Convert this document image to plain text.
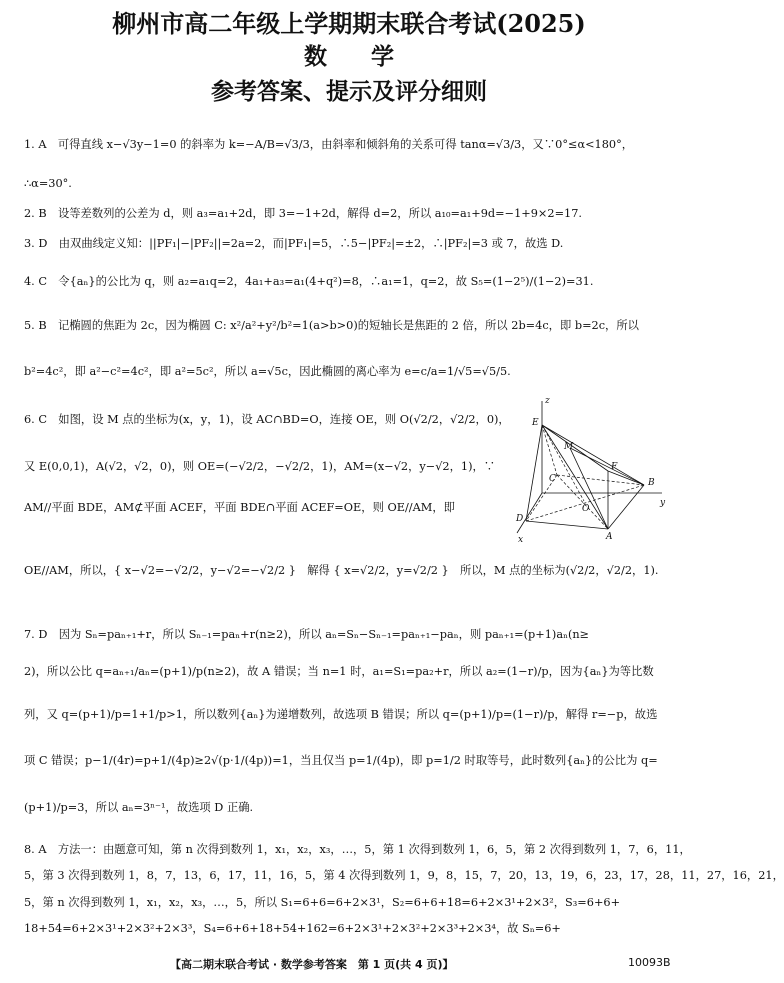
柳州市高二年级上学期期末联合考试(2025)
数 学
参考答案、提示及评分细则
1. A　可得直线 x−√3y−1=0 的斜率为 k=−A/B=√3/3，由斜率和倾斜角的关系可得 tanα=√3/3，又∵0°≤α<180°，
∴α=30°.
2. B　设等差数列的公差为 d，则 a₃=a₁+2d，即 3=−1+2d，解得 d=2，所以 a₁₀=a₁+9d=−1+9×2=17.
3. D　由双曲线定义知：||PF₁|−|PF₂||=2a=2，而|PF₁|=5，∴5−|PF₂|=±2，∴|PF₂|=3 或 7，故选 D.
4. C　令{aₙ}的公比为 q，则 a₂=a₁q=2，4a₁+a₃=a₁(4+q²)=8，∴a₁=1，q=2，故 S₅=(1−2⁵)/(1−2)=31.
5. B　记椭圆的焦距为 2c，因为椭圆 C: x²/a²+y²/b²=1(a>b>0)的短轴长是焦距的 2 倍，所以 2b=4c，即 b=2c，所以
b²=4c²，即 a²−c²=4c²，即 a²=5c²，所以 a=√5c，因此椭圆的离心率为 e=c/a=1/√5=√5/5.
6. C　如图，设 M 点的坐标为(x，y，1)，设 AC∩BD=O，连接 OE，则 O(√2/2，√2/2，0)，
又 E(0,0,1)，A(√2，√2，0)，则 OE=(−√2/2，−√2/2，1)，AM=(x−√2，y−√2，1)，∵
AM//平面 BDE，AM⊄平面 ACEF，平面 BDE∩平面 ACEF=OE，则 OE//AM，即
OE//AM，所以，{ x−√2=−√2/2，y−√2=−√2/2 }　解得 { x=√2/2，y=√2/2 }　所以，M 点的坐标为(√2/2，√2/2，1).
7. D　因为 Sₙ=paₙ₊₁+r，所以 Sₙ₋₁=paₙ+r(n≥2)，所以 aₙ=Sₙ−Sₙ₋₁=paₙ₊₁−paₙ，则 paₙ₊₁=(p+1)aₙ(n≥
2)，所以公比 q=aₙ₊₁/aₙ=(p+1)/p(n≥2)，故 A 错误；当 n=1 时，a₁=S₁=pa₂+r，所以 a₂=(1−r)/p，因为{aₙ}为等比数
列，又 q=(p+1)/p=1+1/p>1，所以数列{aₙ}为递增数列，故选项 B 错误；所以 q=(p+1)/p=(1−r)/p，解得 r=−p，故选
项 C 错误；p−1/(4r)=p+1/(4p)≥2√(p·1/(4p))=1，当且仅当 p=1/(4p)，即 p=1/2 时取等号，此时数列{aₙ}的公比为 q=
(p+1)/p=3，所以 aₙ=3ⁿ⁻¹，故选项 D 正确.
8. A　方法一：由题意可知，第 n 次得到数列 1，x₁，x₂，x₃，…，5，第 1 次得到数列 1，6，5，第 2 次得到数列 1，7，6，11，
5，第 3 次得到数列 1，8，7，13，6，17，11，16，5，第 4 次得到数列 1，9，8，15，7，20，13，19，6，23，17，28，11，27，16，21，
5，第 n 次得到数列 1，x₁，x₂，x₃，…，5，所以 S₁=6+6=6+2×3¹，S₂=6+6+18=6+2×3¹+2×3²，S₃=6+6+
18+54=6+2×3¹+2×3²+2×3³，S₄=6+6+18+54+162=6+2×3¹+2×3²+2×3³+2×3⁴，故 Sₙ=6+
z
E
M
F
C
O
B
y
D
A
x
【高二期末联合考试 · 数学参考答案　第 1 页(共 4 页)】	10093B
